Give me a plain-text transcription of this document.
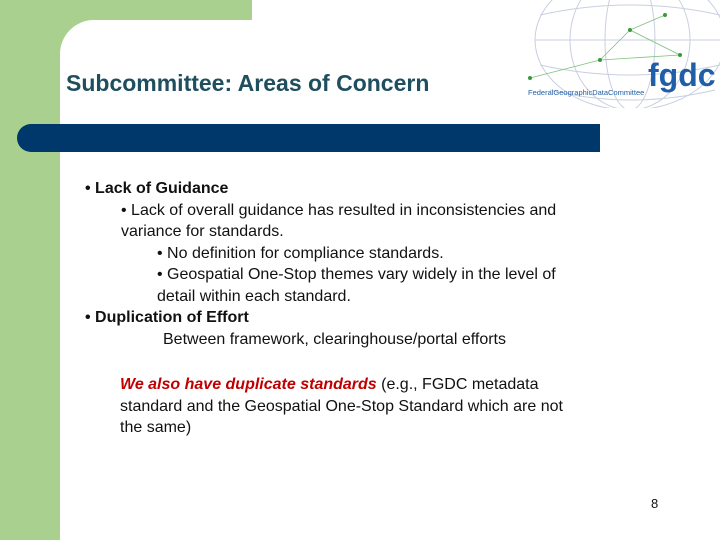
Subcommittee: Areas of Concern	fgdc
FederalGeographicDataCommittee
• Lack of Guidance
• Lack of overall guidance has resulted in inconsistencies and
variance for standards.
• No definition for compliance standards.
• Geospatial One-Stop themes vary widely in the level of
detail within each standard.
• Duplication of Effort
Between framework, clearinghouse/portal efforts
We also have duplicate standards (e.g., FGDC metadata
standard and the Geospatial One-Stop Standard which are not
the same)
8
